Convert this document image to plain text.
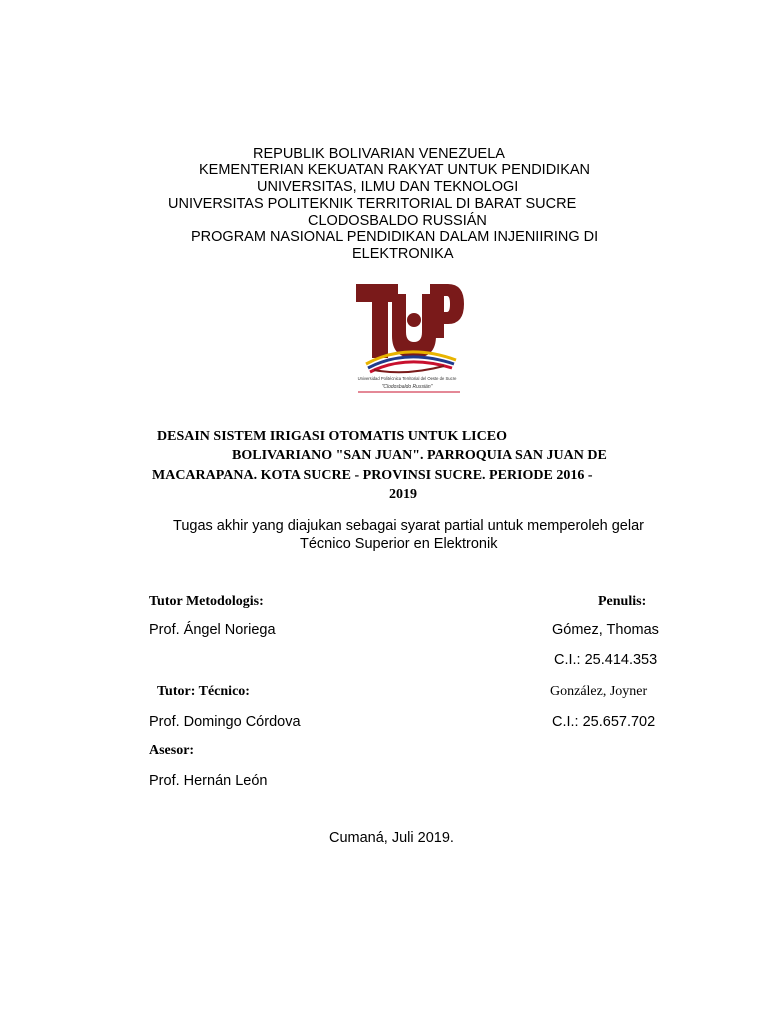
REPUBLIK BOLIVARIAN VENEZUELA
KEMENTERIAN KEKUATAN RAKYAT UNTUK PENDIDIKAN
UNIVERSITAS, ILMU DAN TEKNOLOGI
UNIVERSITAS POLITEKNIK TERRITORIAL DI BARAT SUCRE
CLODOSBALDO RUSSIÁN
PROGRAM NASIONAL PENDIDIKAN DALAM INJENIIRING DI
ELEKTRONIKA
Universidad Politécnica Territorial del Oeste de Sucre
"Clodosbaldo Russián"
DESAIN SISTEM IRIGASI OTOMATIS UNTUK LICEO
BOLIVARIANO "SAN JUAN". PARROQUIA SAN JUAN DE
MACARAPANA. KOTA SUCRE - PROVINSI SUCRE. PERIODE 2016 -
2019
Tugas akhir yang diajukan sebagai syarat partial untuk memperoleh gelar
Técnico Superior en Elektronik
Tutor Metodologis:
Prof. Ángel Noriega
Tutor: Técnico:
Prof. Domingo Córdova
Asesor:
Prof. Hernán León
Penulis:
Gómez, Thomas
C.I.: 25.414.353
González, Joyner
C.I.: 25.657.702
Cumaná, Juli 2019.
